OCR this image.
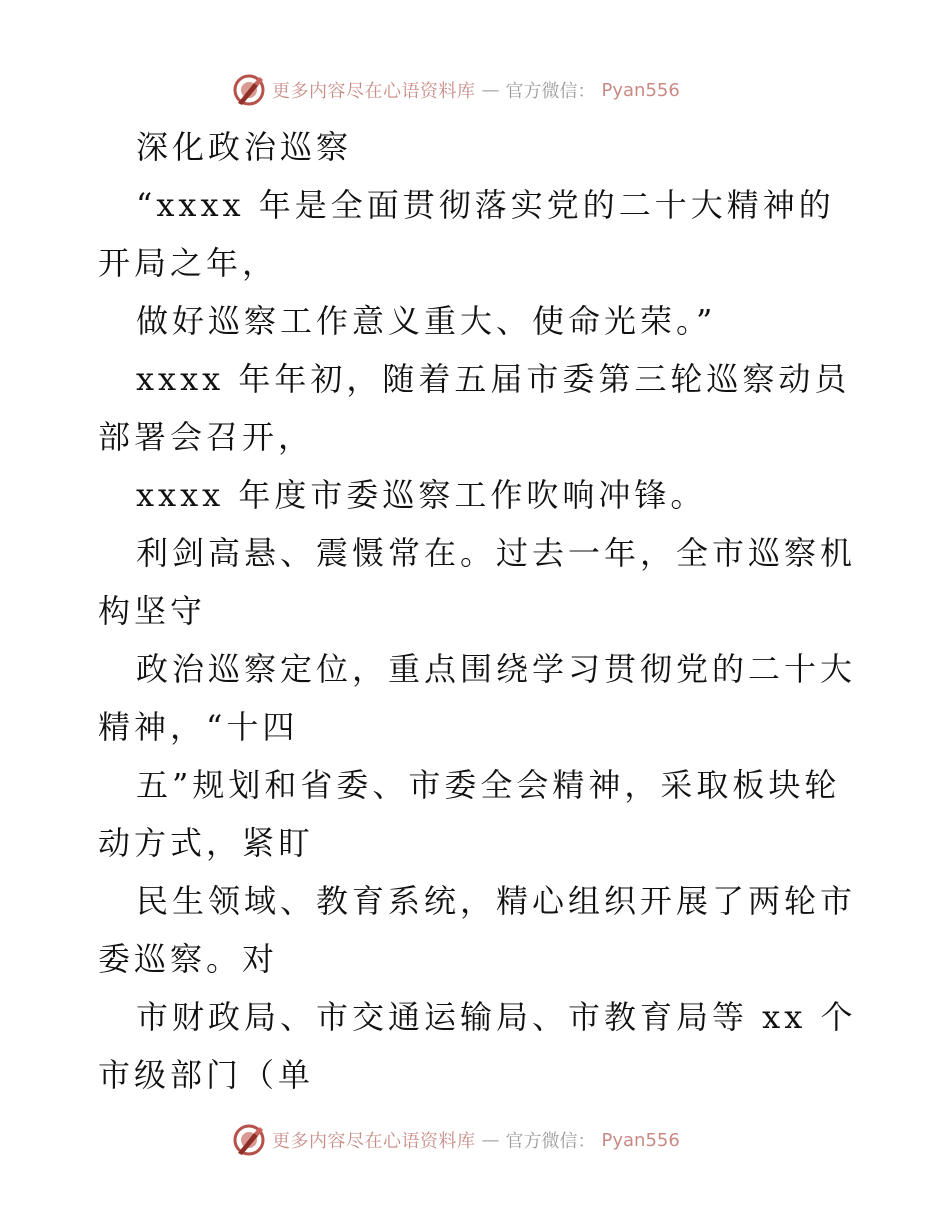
更多内容尽在心语资料库 — 官方微信： Pyan556

深化政治巡察

“xxxx 年是全面贯彻落实党的二十大精神的开局之年，

做好巡察工作意义重大、使命光荣。”

xxxx 年年初，随着五届市委第三轮巡察动员部署会召开，

xxxx 年度市委巡察工作吹响冲锋。

利剑高悬、震慑常在。过去一年，全市巡察机构坚守

政治巡察定位，重点围绕学习贯彻党的二十大精神，“十四

五”规划和省委、市委全会精神，采取板块轮动方式，紧盯

民生领域、教育系统，精心组织开展了两轮市委巡察。对

市财政局、市交通运输局、市教育局等 xx 个市级部门（单

更多内容尽在心语资料库 — 官方微信： Pyan556
